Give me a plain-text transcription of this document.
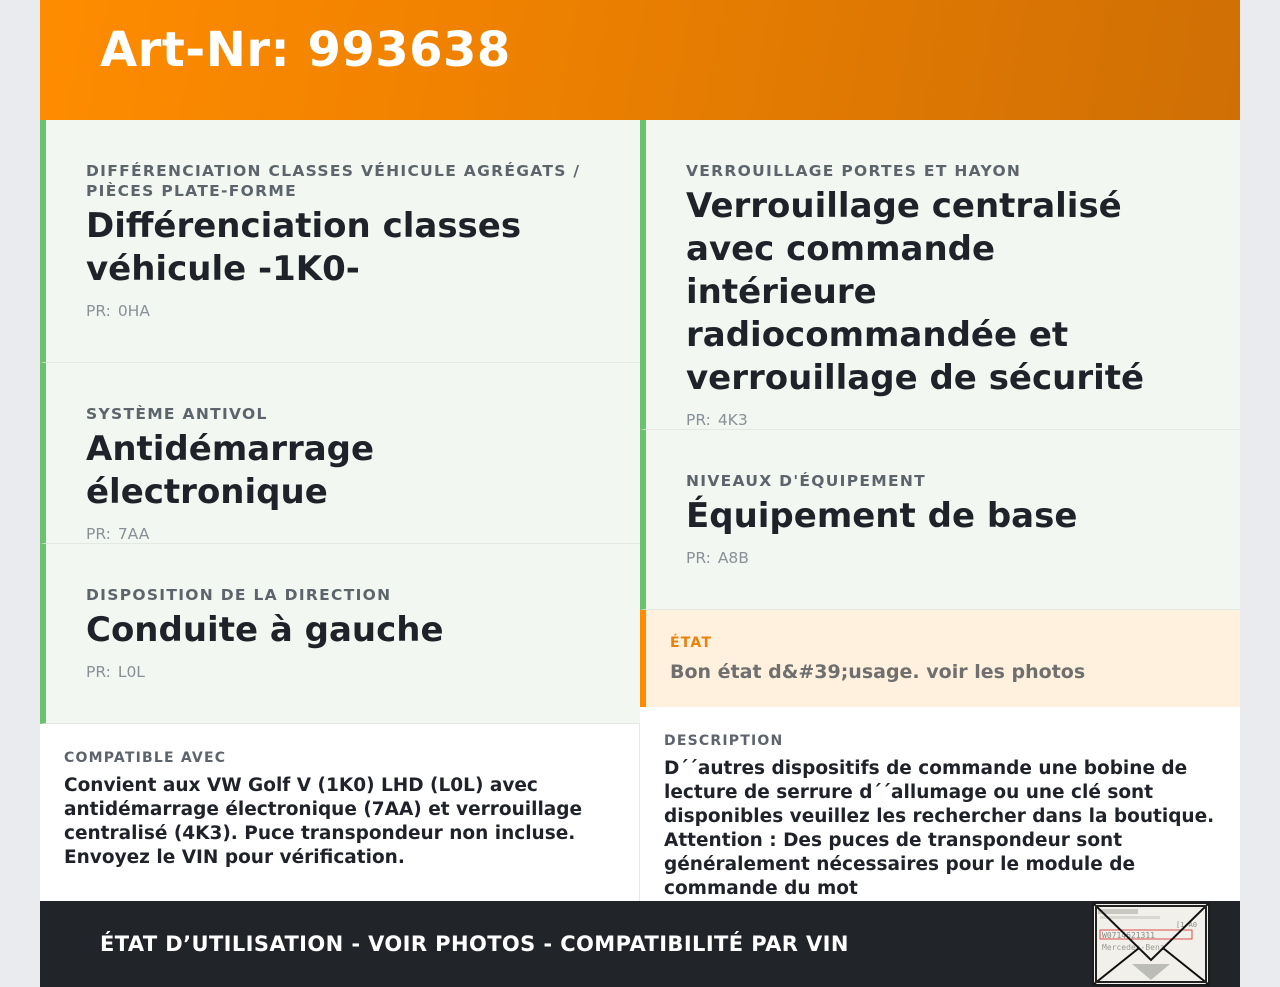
Art-Nr: 993638
DIFFÉRENCIATION CLASSES VÉHICULE AGRÉGATS / PIÈCES PLATE-FORME
Différenciation classes véhicule -1K0-
PR: 0HA
SYSTÈME ANTIVOL
Antidémarrage électronique
PR: 7AA
DISPOSITION DE LA DIRECTION
Conduite à gauche
PR: L0L
VERROUILLAGE PORTES ET HAYON
Verrouillage centralisé avec commande intérieure radiocommandée et verrouillage de sécurité
PR: 4K3
NIVEAUX D'ÉQUIPEMENT
Équipement de base
PR: A8B
ÉTAT
Bon état d&#39;usage. voir les photos
COMPATIBLE AVEC
Convient aux VW Golf V (1K0) LHD (L0L) avec antidémarrage électronique (7AA) et verrouillage centralisé (4K3). Puce transpondeur non incluse. Envoyez le VIN pour vérification.
DESCRIPTION
D´´autres dispositifs de commande une bobine de lecture de serrure d´´allumage ou une clé sont disponibles veuillez les rechercher dans la boutique. Attention : Des puces de transpondeur sont généralement nécessaires pour le module de commande du mot
ÉTAT D’UTILISATION - VOIR PHOTOS - COMPATIBILITÉ PAR VIN	W0714621311
[1 A0
Mercedes-Benz
